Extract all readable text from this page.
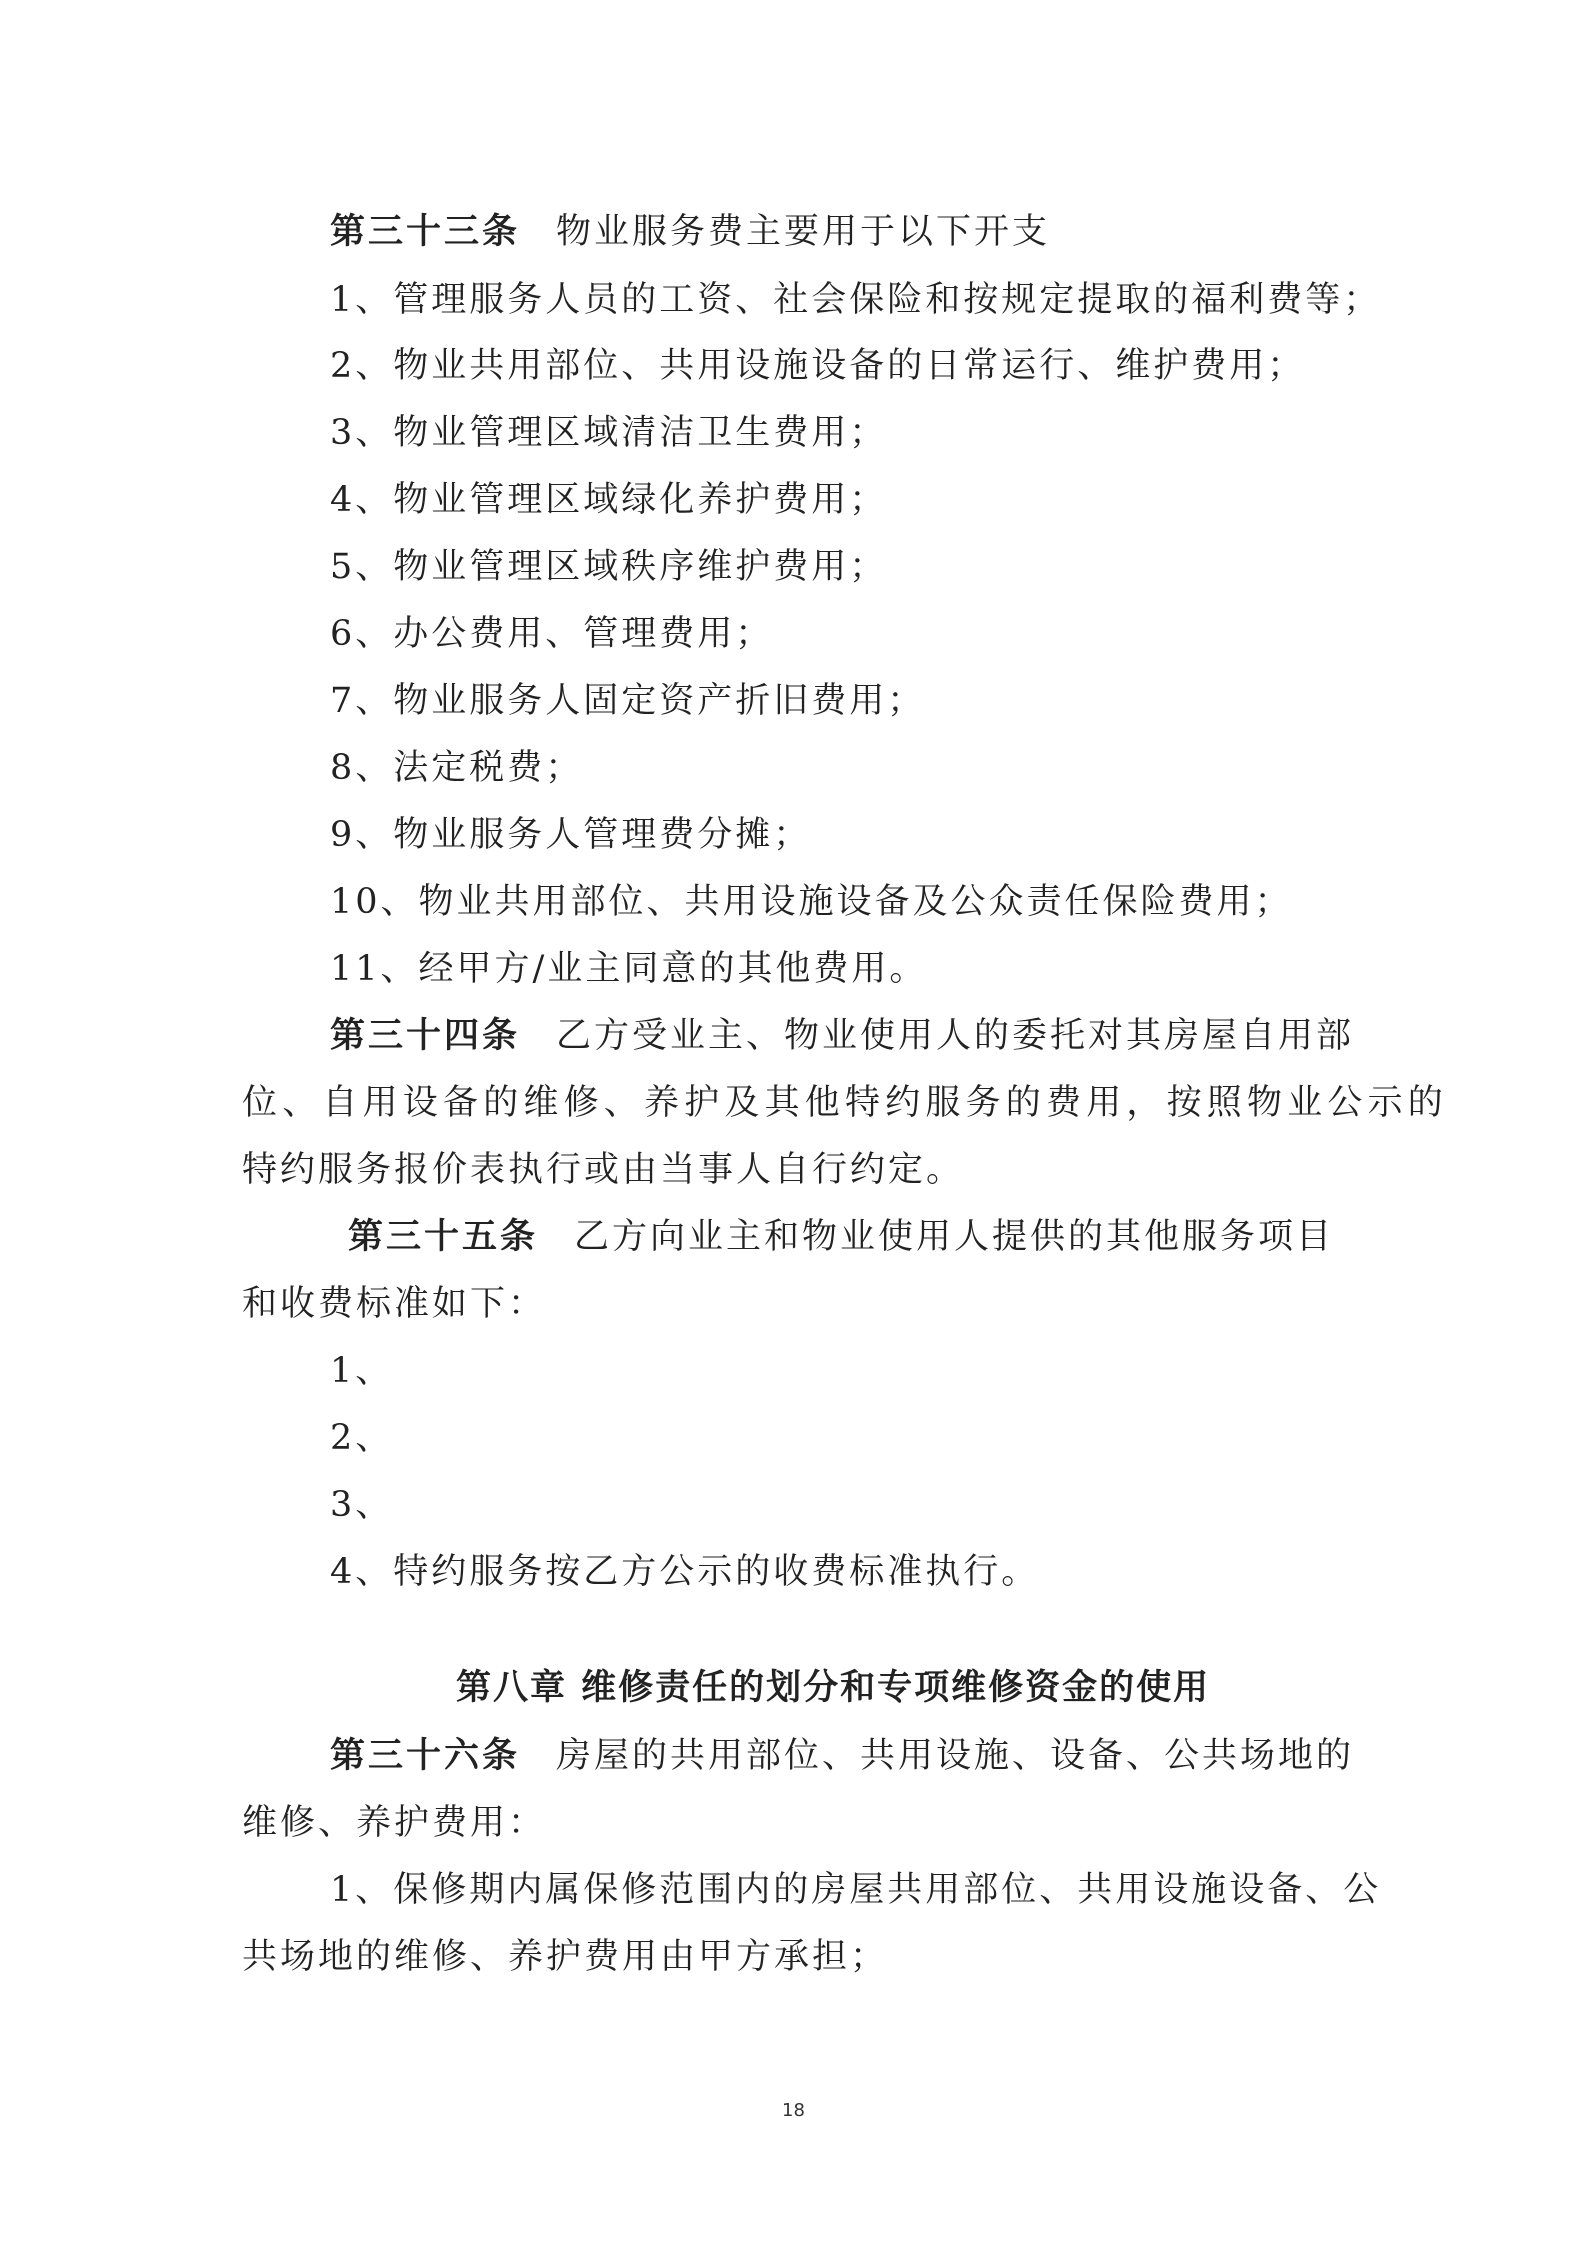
第三十三条 物业服务费主要用于以下开支
1、管理服务人员的工资、社会保险和按规定提取的福利费等；
2、物业共用部位、共用设施设备的日常运行、维护费用；
3、物业管理区域清洁卫生费用；
4、物业管理区域绿化养护费用；
5、物业管理区域秩序维护费用；
6、办公费用、管理费用；
7、物业服务人固定资产折旧费用；
8、法定税费；
9、物业服务人管理费分摊；
10、物业共用部位、共用设施设备及公众责任保险费用；
11、经甲方/业主同意的其他费用。
第三十四条 乙方受业主、物业使用人的委托对其房屋自用部
位、自用设备的维修、养护及其他特约服务的费用，按照物业公示的
特约服务报价表执行或由当事人自行约定。
第三十五条 乙方向业主和物业使用人提供的其他服务项目
和收费标准如下：
1、
2、
3、
4、特约服务按乙方公示的收费标准执行。
第八章 维修责任的划分和专项维修资金的使用
第三十六条 房屋的共用部位、共用设施、设备、公共场地的
维修、养护费用：
1、保修期内属保修范围内的房屋共用部位、共用设施设备、公
共场地的维修、养护费用由甲方承担；
18
